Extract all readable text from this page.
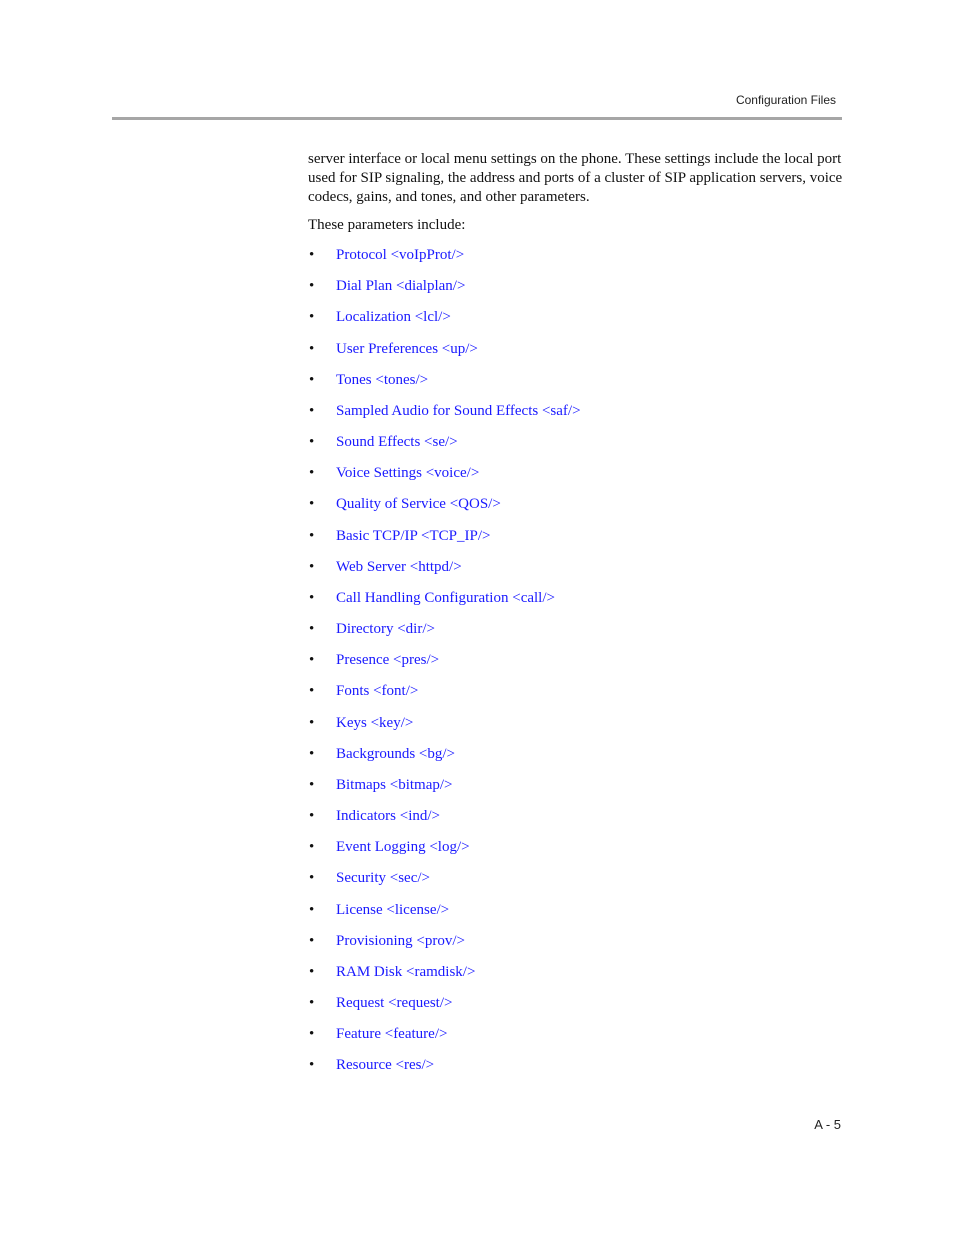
Configuration Files

server interface or local menu settings on the phone. These settings include the local port used for SIP signaling, the address and ports of a cluster of SIP application servers, voice codecs, gains, and tones, and other parameters.

These parameters include:

• Protocol <voIpProt/>
• Dial Plan <dialplan/>
• Localization <lcl/>
• User Preferences <up/>
• Tones <tones/>
• Sampled Audio for Sound Effects <saf/>
• Sound Effects <se/>
• Voice Settings <voice/>
• Quality of Service <QOS/>
• Basic TCP/IP <TCP_IP/>
• Web Server <httpd/>
• Call Handling Configuration <call/>
• Directory <dir/>
• Presence <pres/>
• Fonts <font/>
• Keys <key/>
• Backgrounds <bg/>
• Bitmaps <bitmap/>
• Indicators <ind/>
• Event Logging <log/>
• Security <sec/>
• License <license/>
• Provisioning <prov/>
• RAM Disk <ramdisk/>
• Request <request/>
• Feature <feature/>
• Resource <res/>
A - 5
